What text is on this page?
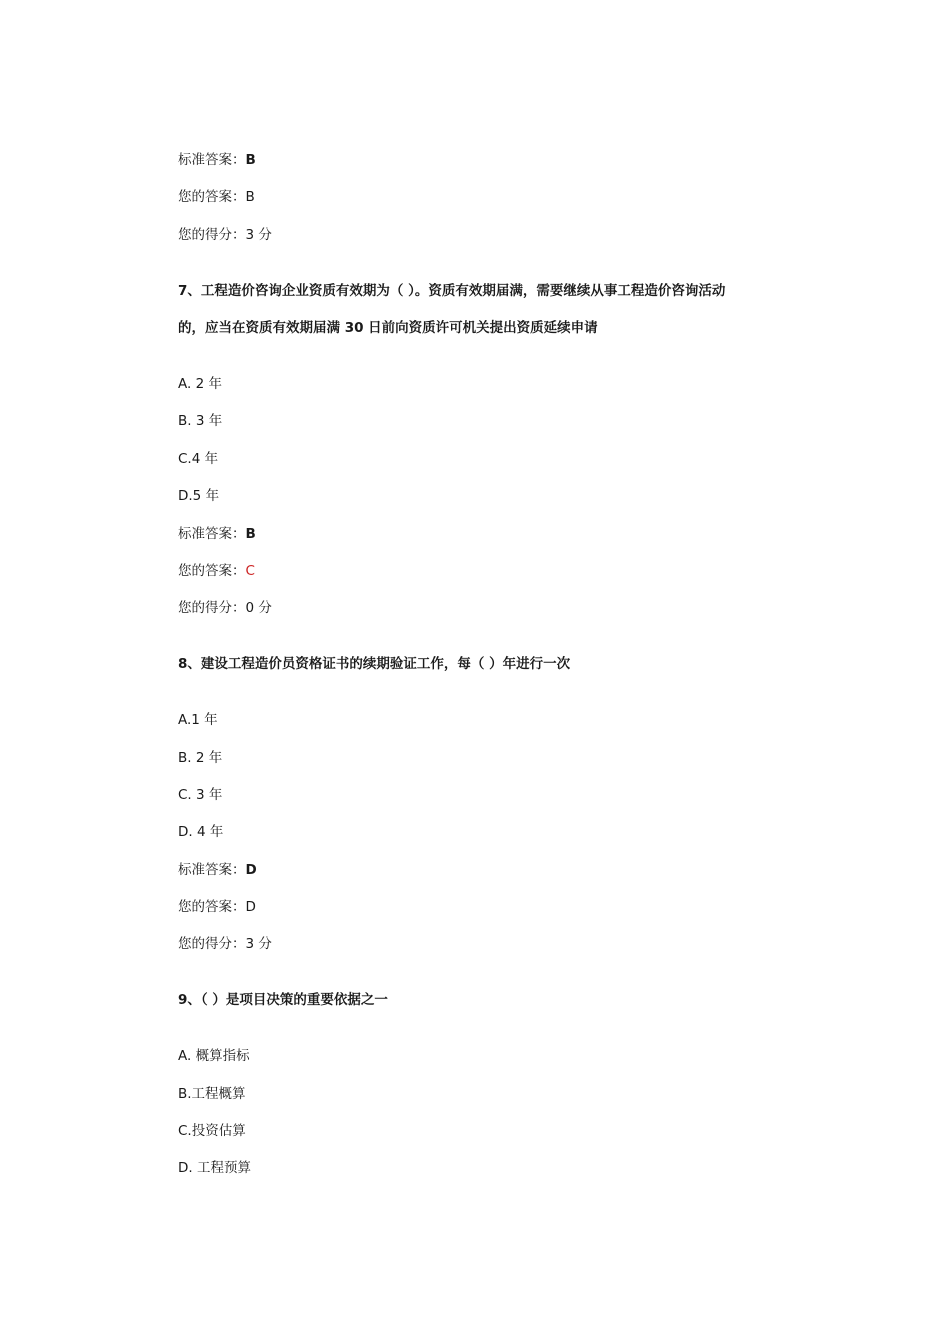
标准答案：B
您的答案：B
您的得分：3 分
7、工程造价咨询企业资质有效期为（ ）。资质有效期届满，需要继续从事工程造价咨询活动
的，应当在资质有效期届满 30 日前向资质许可机关提出资质延续申请
A. 2 年
B. 3 年
C.4 年
D.5 年
标准答案：B
您的答案：C
您的得分：0 分
8、建设工程造价员资格证书的续期验证工作，每（ ）年进行一次
A.1 年
B. 2 年
C. 3 年
D. 4 年
标准答案：D
您的答案：D
您的得分：3 分
9、（ ）是项目决策的重要依据之一
A. 概算指标
B.工程概算
C.投资估算
D. 工程预算
